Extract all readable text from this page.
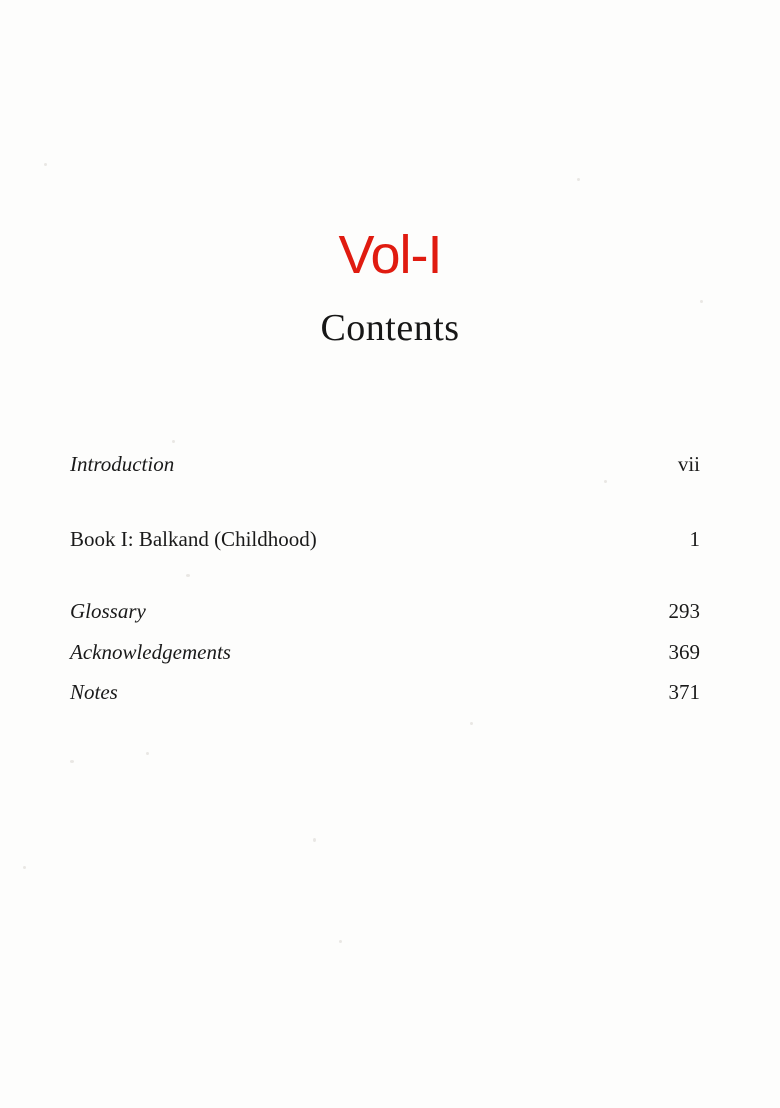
Vol-I
Contents
Introduction	vii
Book I: Balkand (Childhood)	1
Glossary	293
Acknowledgements	369
Notes	371
